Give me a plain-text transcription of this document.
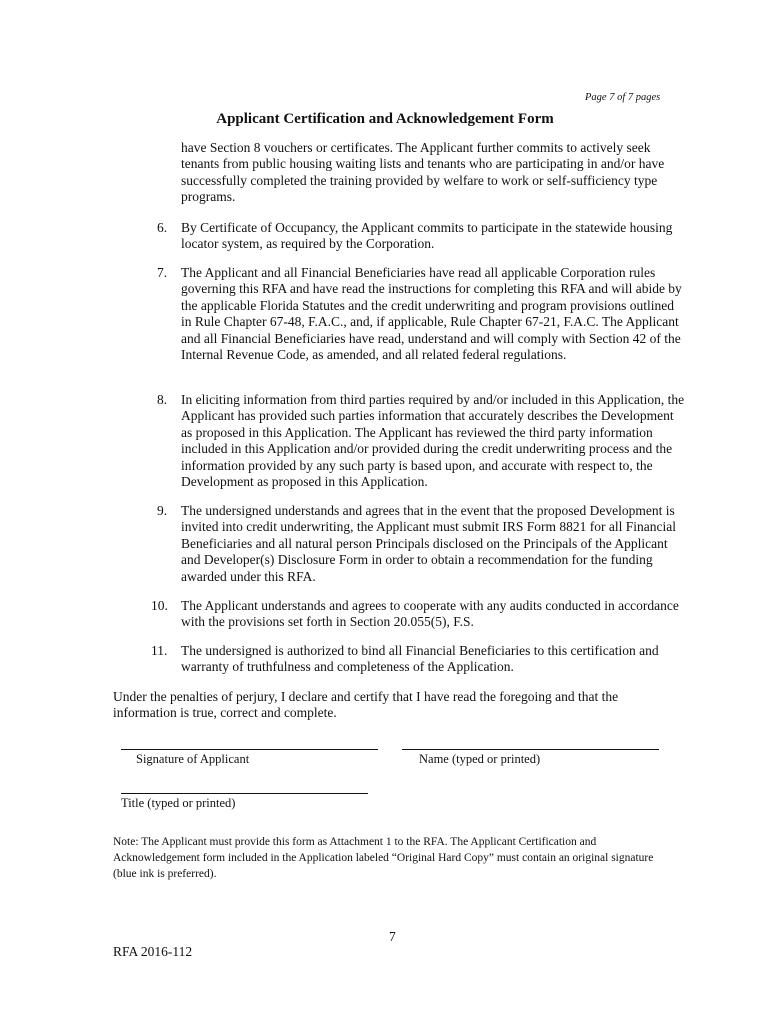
Page 7 of 7 pages
Applicant Certification and Acknowledgement Form
have Section 8 vouchers or certificates. The Applicant further commits to actively seek tenants from public housing waiting lists and tenants who are participating in and/or have successfully completed the training provided by welfare to work or self-sufficiency type programs.
6. By Certificate of Occupancy, the Applicant commits to participate in the statewide housing locator system, as required by the Corporation.
7. The Applicant and all Financial Beneficiaries have read all applicable Corporation rules governing this RFA and have read the instructions for completing this RFA and will abide by the applicable Florida Statutes and the credit underwriting and program provisions outlined in Rule Chapter 67-48, F.A.C., and, if applicable, Rule Chapter 67-21, F.A.C. The Applicant and all Financial Beneficiaries have read, understand and will comply with Section 42 of the Internal Revenue Code, as amended, and all related federal regulations.
8. In eliciting information from third parties required by and/or included in this Application, the Applicant has provided such parties information that accurately describes the Development as proposed in this Application. The Applicant has reviewed the third party information included in this Application and/or provided during the credit underwriting process and the information provided by any such party is based upon, and accurate with respect to, the Development as proposed in this Application.
9. The undersigned understands and agrees that in the event that the proposed Development is invited into credit underwriting, the Applicant must submit IRS Form 8821 for all Financial Beneficiaries and all natural person Principals disclosed on the Principals of the Applicant and Developer(s) Disclosure Form in order to obtain a recommendation for the funding awarded under this RFA.
10. The Applicant understands and agrees to cooperate with any audits conducted in accordance with the provisions set forth in Section 20.055(5), F.S.
11. The undersigned is authorized to bind all Financial Beneficiaries to this certification and warranty of truthfulness and completeness of the Application.
Under the penalties of perjury, I declare and certify that I have read the foregoing and that the information is true, correct and complete.
Signature of Applicant	Name (typed or printed)
Title (typed or printed)
Note: The Applicant must provide this form as Attachment 1 to the RFA. The Applicant Certification and Acknowledgement form included in the Application labeled “Original Hard Copy” must contain an original signature (blue ink is preferred).
7
RFA 2016-112
